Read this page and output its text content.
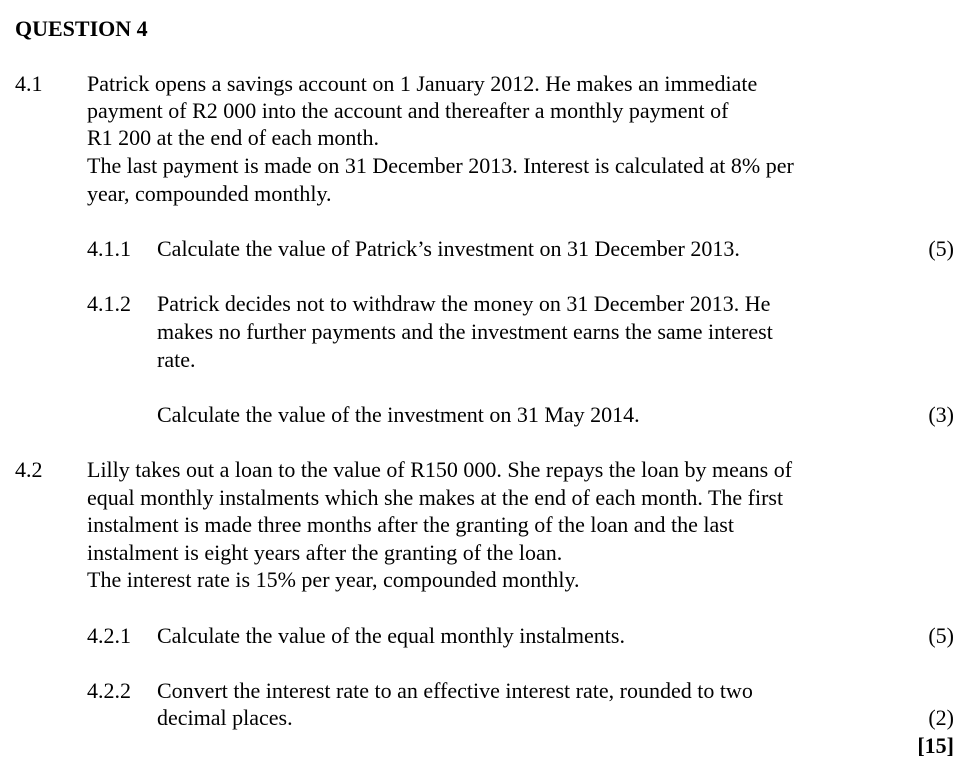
QUESTION 4
4.1 Patrick opens a savings account on 1 January 2012. He makes an immediate
payment of R2 000 into the account and thereafter a monthly payment of
R1 200 at the end of each month.
The last payment is made on 31 December 2013. Interest is calculated at 8% per
year, compounded monthly.
4.1.1 Calculate the value of Patrick’s investment on 31 December 2013.	(5)
4.1.2 Patrick decides not to withdraw the money on 31 December 2013. He
makes no further payments and the investment earns the same interest
rate.
Calculate the value of the investment on 31 May 2014.	(3)
4.2 Lilly takes out a loan to the value of R150 000. She repays the loan by means of
equal monthly instalments which she makes at the end of each month. The first
instalment is made three months after the granting of the loan and the last
instalment is eight years after the granting of the loan.
The interest rate is 15% per year, compounded monthly.
4.2.1 Calculate the value of the equal monthly instalments.	(5)
4.2.2 Convert the interest rate to an effective interest rate, rounded to two
decimal places.	(2)
[15]
